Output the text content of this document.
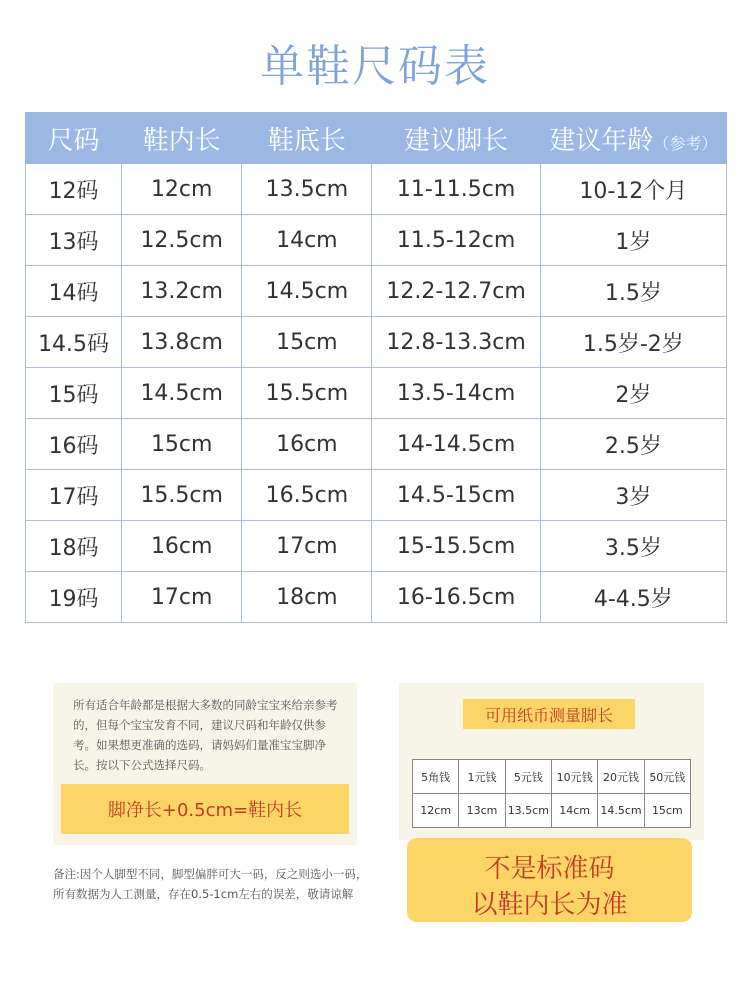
单鞋尺码表
尺码	鞋内长	鞋底长	建议脚长	建议年龄（参考）
12码	12cm	13.5cm	11-11.5cm	10-12个月
13码	12.5cm	14cm	11.5-12cm	1岁
14码	13.2cm	14.5cm	12.2-12.7cm	1.5岁
14.5码	13.8cm	15cm	12.8-13.3cm	1.5岁-2岁
15码	14.5cm	15.5cm	13.5-14cm	2岁
16码	15cm	16cm	14-14.5cm	2.5岁
17码	15.5cm	16.5cm	14.5-15cm	3岁
18码	16cm	17cm	15-15.5cm	3.5岁
19码	17cm	18cm	16-16.5cm	4-4.5岁
所有适合年龄都是根据大多数的同龄宝宝来给亲参考的，但每个宝宝发育不同，建议尺码和年龄仅供参考。如果想更准确的选码，请妈妈们量准宝宝脚净长。按以下公式选择尺码。
脚净长+0.5cm=鞋内长
备注:因个人脚型不同，脚型偏胖可大一码，反之则选小一码，所有数据为人工测量，存在0.5-1cm左右的误差，敬请谅解
可用纸币测量脚长
5角钱	1元钱	5元钱	10元钱	20元钱	50元钱
12cm	13cm	13.5cm	14cm	14.5cm	15cm
不是标准码
以鞋内长为准
